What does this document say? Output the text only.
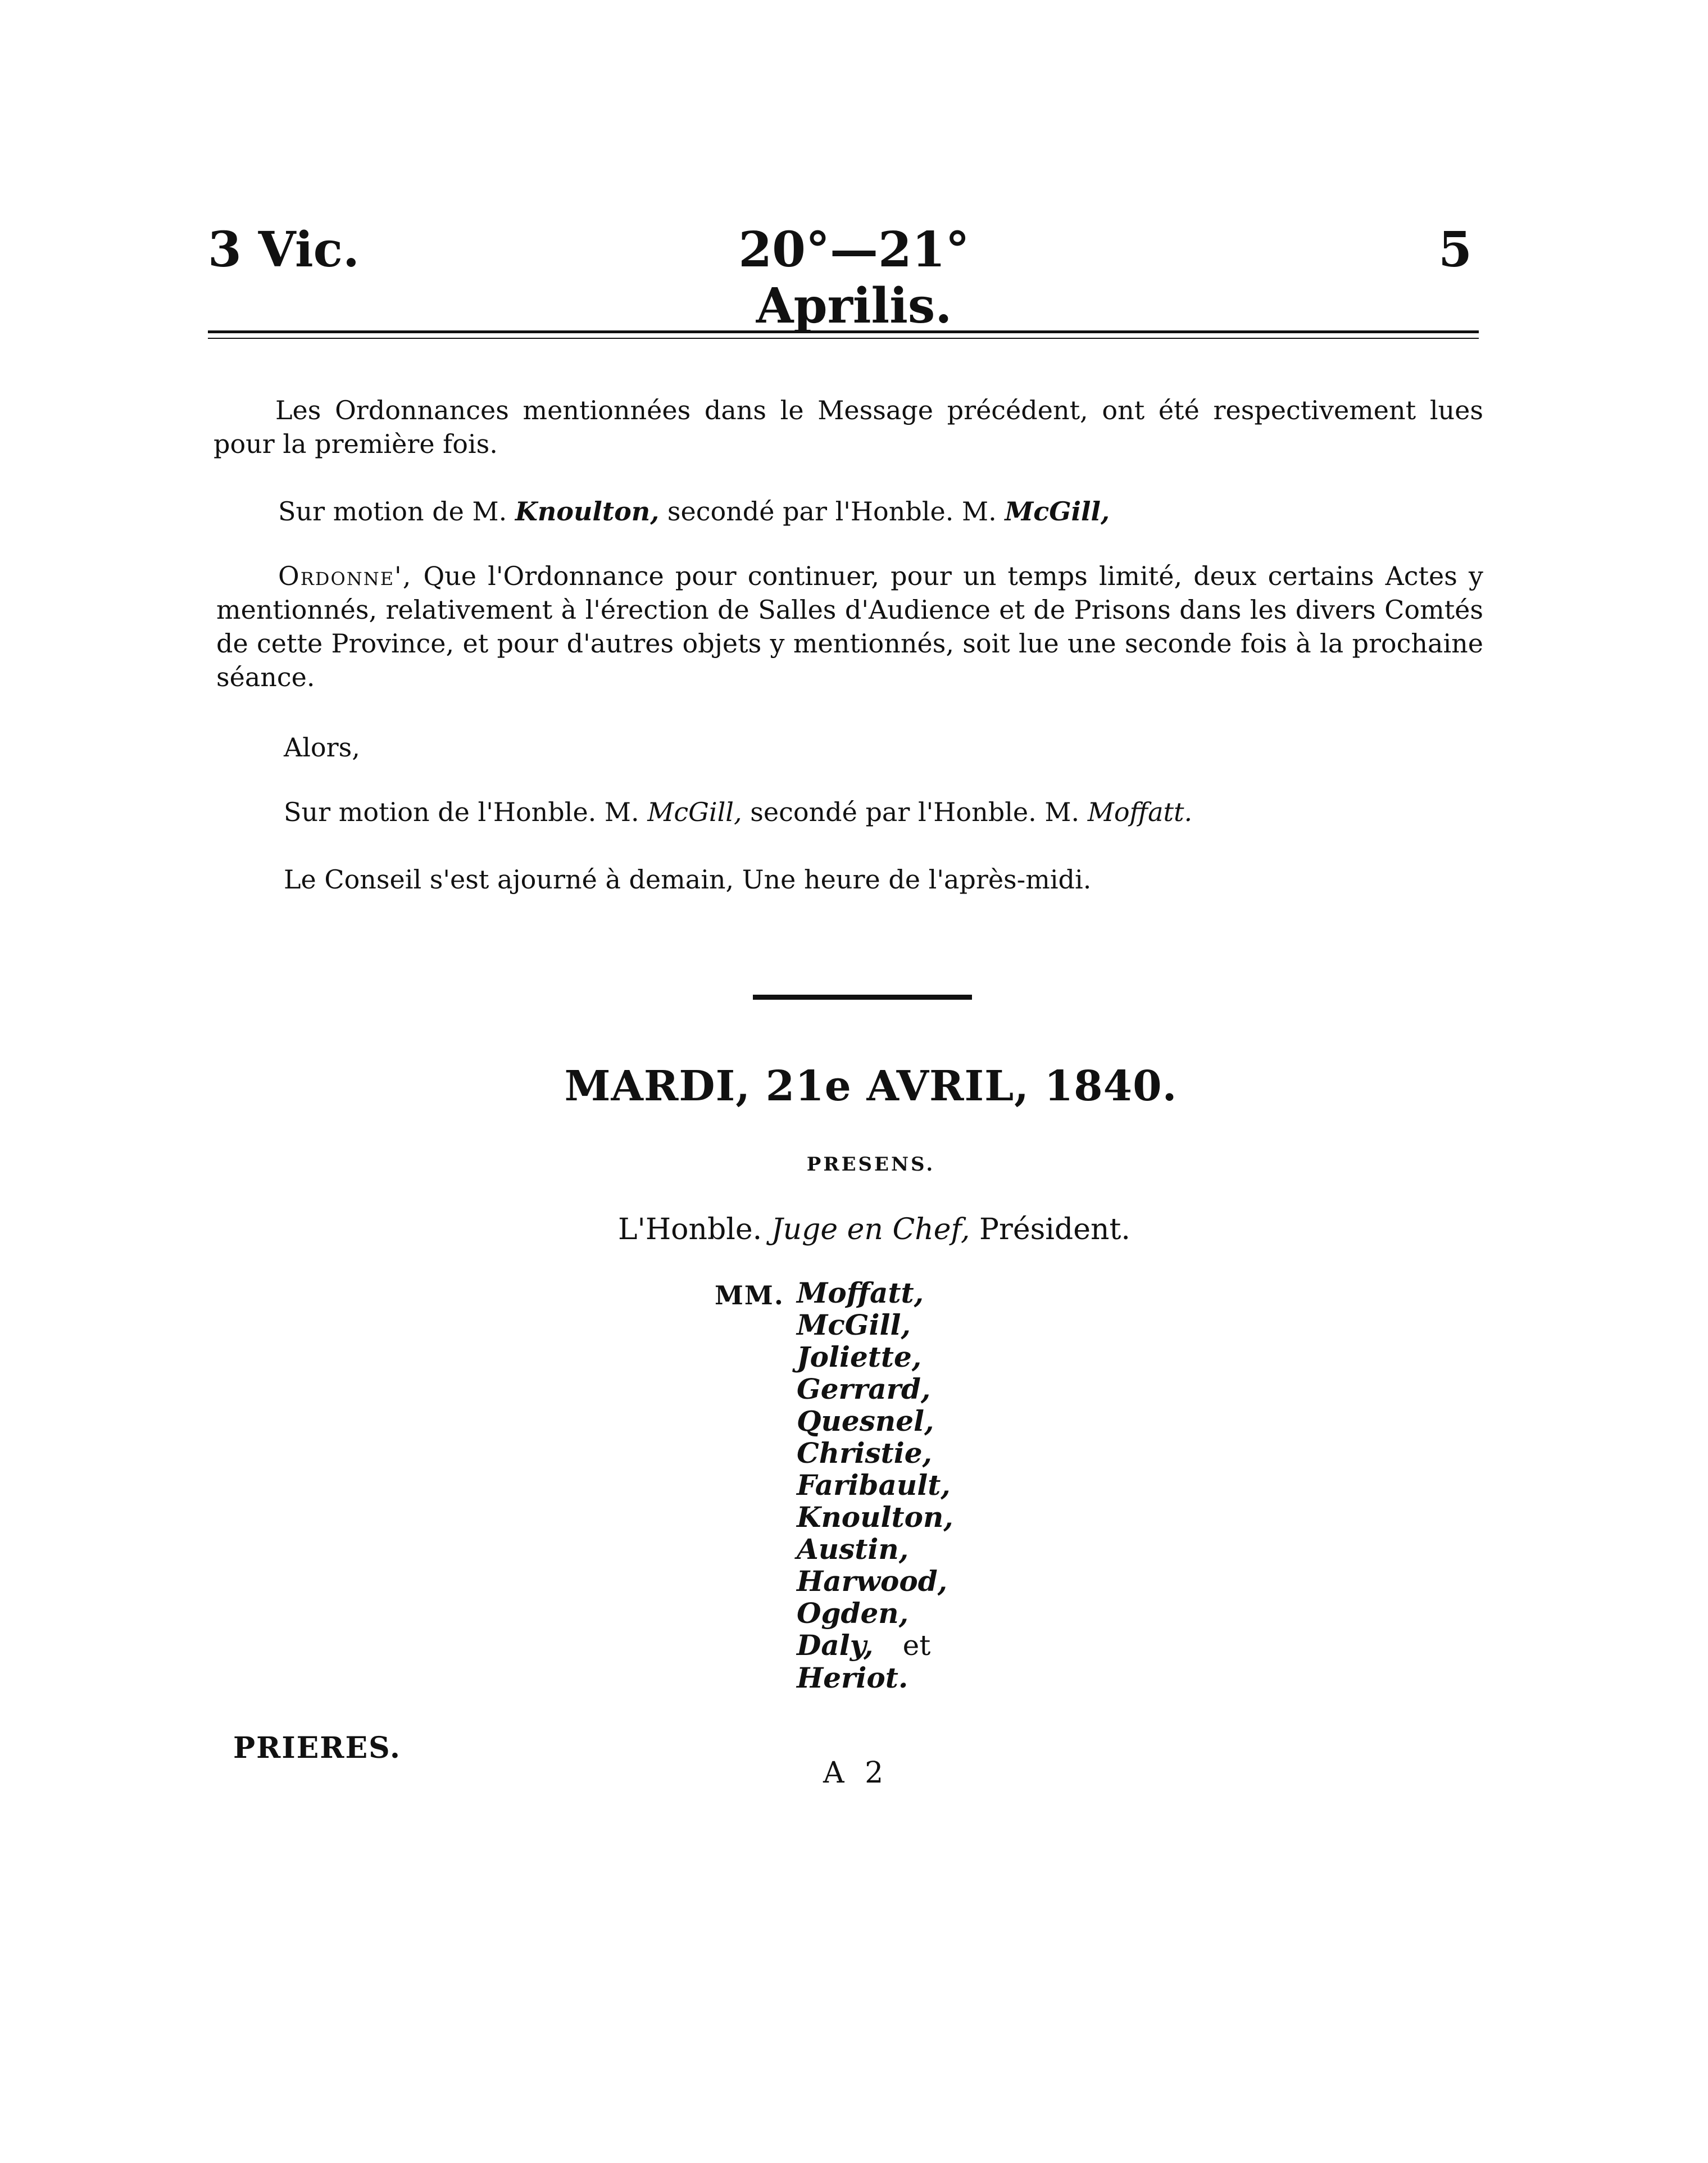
3 Vic.	20°—21° Aprilis.
5
Les Ordonnances mentionnées dans le Message précédent, ont été respectivement lues pour la première fois.
Sur motion de M. Knoulton, secondé par l'Honble. M. McGill,
Ordonne', Que l'Ordonnance pour continuer, pour un temps limité, deux certains Actes y mentionnés, relativement à l'érection de Salles d'Audience et de Prisons dans les divers Comtés de cette Province, et pour d'autres objets y mentionnés, soit lue une seconde fois à la prochaine séance.
Alors,
Sur motion de l'Honble. M. McGill, secondé par l'Honble. M. Moffatt.
Le Conseil s'est ajourné à demain, Une heure de l'après-midi.
MARDI, 21e AVRIL, 1840.
PRESENS.
L'Honble. Juge en Chef, Président.
MM. Moffatt,
McGill,
Joliette,
Gerrard,
Quesnel,
Christie,
Faribault,
Knoulton,
Austin,
Harwood,
Ogden,
Daly, et
Heriot.
PRIERES.
A 2
